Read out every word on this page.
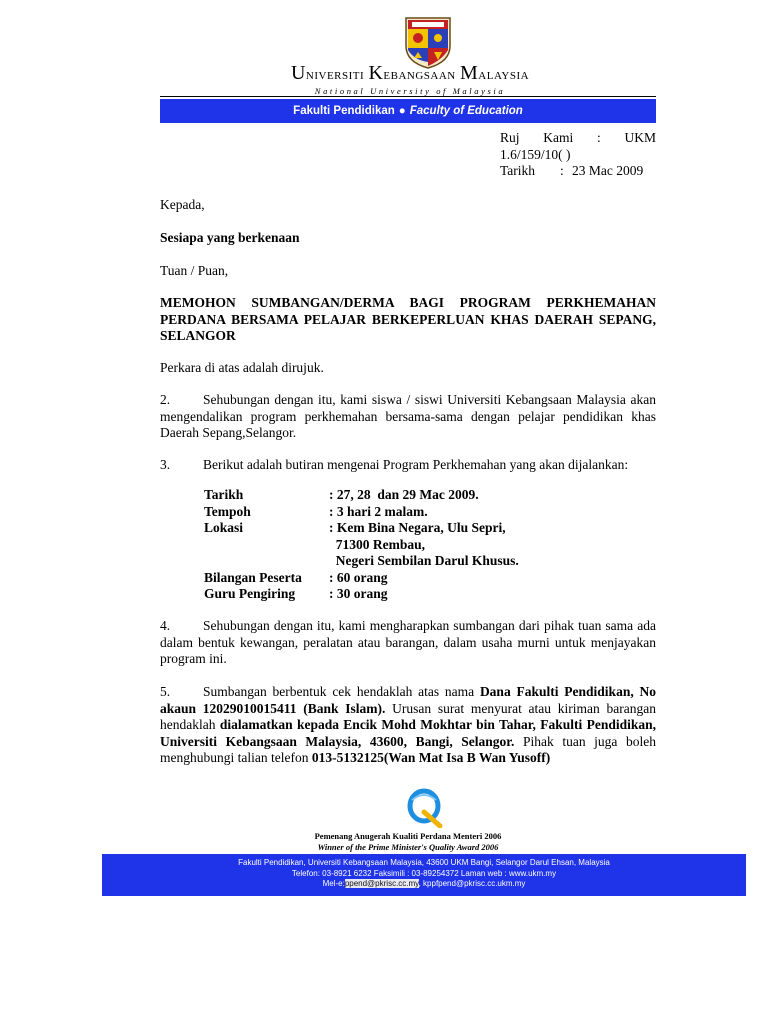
Universiti Kebangsaan Malaysia
National University of Malaysia
Fakulti Pendidikan ● Faculty of Education
Ruj Kami : UKM
1.6/159/10( )
Tarikh : 23 Mac 2009
Kepada,
Sesiapa yang berkenaan
Tuan / Puan,
MEMOHON SUMBANGAN/DERMA BAGI PROGRAM PERKHEMAHAN PERDANA BERSAMA PELAJAR BERKEPERLUAN KHAS DAERAH SEPANG, SELANGOR
Perkara di atas adalah dirujuk.
2. Sehubungan dengan itu, kami siswa / siswi Universiti Kebangsaan Malaysia akan mengendalikan program perkhemahan bersama-sama dengan pelajar pendidikan khas Daerah Sepang,Selangor.
3. Berikut adalah butiran mengenai Program Perkhemahan yang akan dijalankan:
Tarikh	: 27, 28  dan 29 Mac 2009.
Tempoh	: 3 hari 2 malam.
Lokasi	: Kem Bina Negara, Ulu Sepri,
71300 Rembau,
Negeri Sembilan Darul Khusus.
Bilangan Peserta	: 60 orang
Guru Pengiring	: 30 orang
4. Sehubungan dengan itu, kami mengharapkan sumbangan dari pihak tuan sama ada dalam bentuk kewangan, peralatan atau barangan, dalam usaha murni untuk menjayakan program ini.
5. Sumbangan berbentuk cek hendaklah atas nama Dana Fakulti Pendidikan, No akaun 12029010015411 (Bank Islam). Urusan surat menyurat atau kiriman barangan hendaklah dialamatkan kepada Encik Mohd Mokhtar bin Tahar, Fakulti Pendidikan, Universiti Kebangsaan Malaysia, 43600, Bangi, Selangor. Pihak tuan juga boleh menghubungi talian telefon 013-5132125(Wan Mat Isa B Wan Yusoff)
Pemenang Anugerah Kualiti Perdana Menteri 2006
Winner of the Prime Minister's Quality Award 2006
Fakulti Pendidikan, Universiti Kebangsaan Malaysia, 43600 UKM Bangi, Selangor Darul Ehsan, Malaysia
Telefon: 03-8921 6232 Faksimili : 03-89254372 Laman web : www.ukm.my
Mel-e:ppend@pkrisc.cc.my, kppfpend@pkrisc.cc.ukm.my
